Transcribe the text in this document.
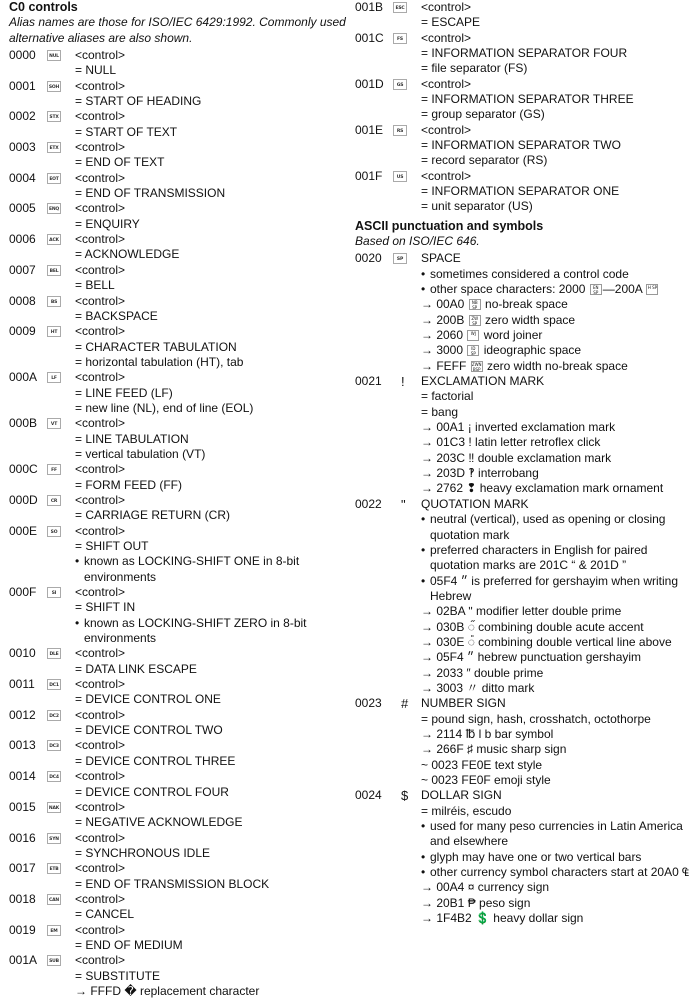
C0 controls

Alias names are those for ISO/IEC 6429:1992. Commonly used alternative aliases are also shown.

0000	NUL	<control>
= NULL
0001	SOH	<control>
= START OF HEADING
0002	STX	<control>
= START OF TEXT
0003	ETX	<control>
= END OF TEXT
0004	EOT	<control>
= END OF TRANSMISSION
0005	ENQ	<control>
= ENQUIRY
0006	ACK	<control>
= ACKNOWLEDGE
0007	BEL	<control>
= BELL
0008	BS	<control>
= BACKSPACE
0009	HT	<control>
= CHARACTER TABULATION
= horizontal tabulation (HT), tab
000A	LF	<control>
= LINE FEED (LF)
= new line (NL), end of line (EOL)
000B	VT	<control>
= LINE TABULATION
= vertical tabulation (VT)
000C	FF	<control>
= FORM FEED (FF)
000D	CR	<control>
= CARRIAGE RETURN (CR)
000E	SO	<control>
= SHIFT OUT
• known as LOCKING-SHIFT ONE in 8-bit environments
000F	SI	<control>
= SHIFT IN
• known as LOCKING-SHIFT ZERO in 8-bit environments
0010	DLE	<control>
= DATA LINK ESCAPE
0011	DC1	<control>
= DEVICE CONTROL ONE
0012	DC2	<control>
= DEVICE CONTROL TWO
0013	DC3	<control>
= DEVICE CONTROL THREE
0014	DC4	<control>
= DEVICE CONTROL FOUR
0015	NAK	<control>
= NEGATIVE ACKNOWLEDGE
0016	SYN	<control>
= SYNCHRONOUS IDLE
0017	ETB	<control>
= END OF TRANSMISSION BLOCK
0018	CAN	<control>
= CANCEL
0019	EM	<control>
= END OF MEDIUM
001A	SUB	<control>
= SUBSTITUTE
→ FFFD � replacement character
001B	ESC	<control>
= ESCAPE
001C	FS	<control>
= INFORMATION SEPARATOR FOUR
= file separator (FS)
001D	GS	<control>
= INFORMATION SEPARATOR THREE
= group separator (GS)
001E	RS	<control>
= INFORMATION SEPARATOR TWO
= record separator (RS)
001F	US	<control>
= INFORMATION SEPARATOR ONE
= unit separator (US)
ASCII punctuation and symbols

Based on ISO/IEC 646.

0020	SP	SPACE
• sometimes considered a control code
• other space characters: 2000 EN SP —200A H SP
→ 00A0 NB SP no-break space
→ 200B ZW SP zero width space
→ 2060 WJ word joiner
→ 3000 ID SP ideographic space
→ FEFF ZWN BSP zero width no-break space
0021	!	EXCLAMATION MARK
= factorial
= bang
→ 00A1 ¡ inverted exclamation mark
→ 01C3 ǃ latin letter retroflex click
→ 203C ‼ double exclamation mark
→ 203D ‽ interrobang
→ 2762 ❢ heavy exclamation mark ornament
0022	"	QUOTATION MARK
• neutral (vertical), used as opening or closing quotation mark
• preferred characters in English for paired quotation marks are 201C “ & 201D ”
• 05F4 ״ is preferred for gershayim when writing Hebrew
→ 02BA ʺ modifier letter double prime
→ 030B ◌̋ combining double acute accent
→ 030E ◌̎ combining double vertical line above
→ 05F4 ״ hebrew punctuation gershayim
→ 2033 ″ double prime
→ 3003 〃 ditto mark
0023	#	NUMBER SIGN
= pound sign, hash, crosshatch, octothorpe
→ 2114 ℔ l b bar symbol
→ 266F ♯ music sharp sign
~ 0023 FE0E text style
~ 0023 FE0F emoji style
0024	$	DOLLAR SIGN
= milréis, escudo
• used for many peso currencies in Latin America and elsewhere
• glyph may have one or two vertical bars
• other currency symbol characters start at 20A0 ₠
→ 00A4 ¤ currency sign
→ 20B1 ₱ peso sign
→ 1F4B2 💲 heavy dollar sign
